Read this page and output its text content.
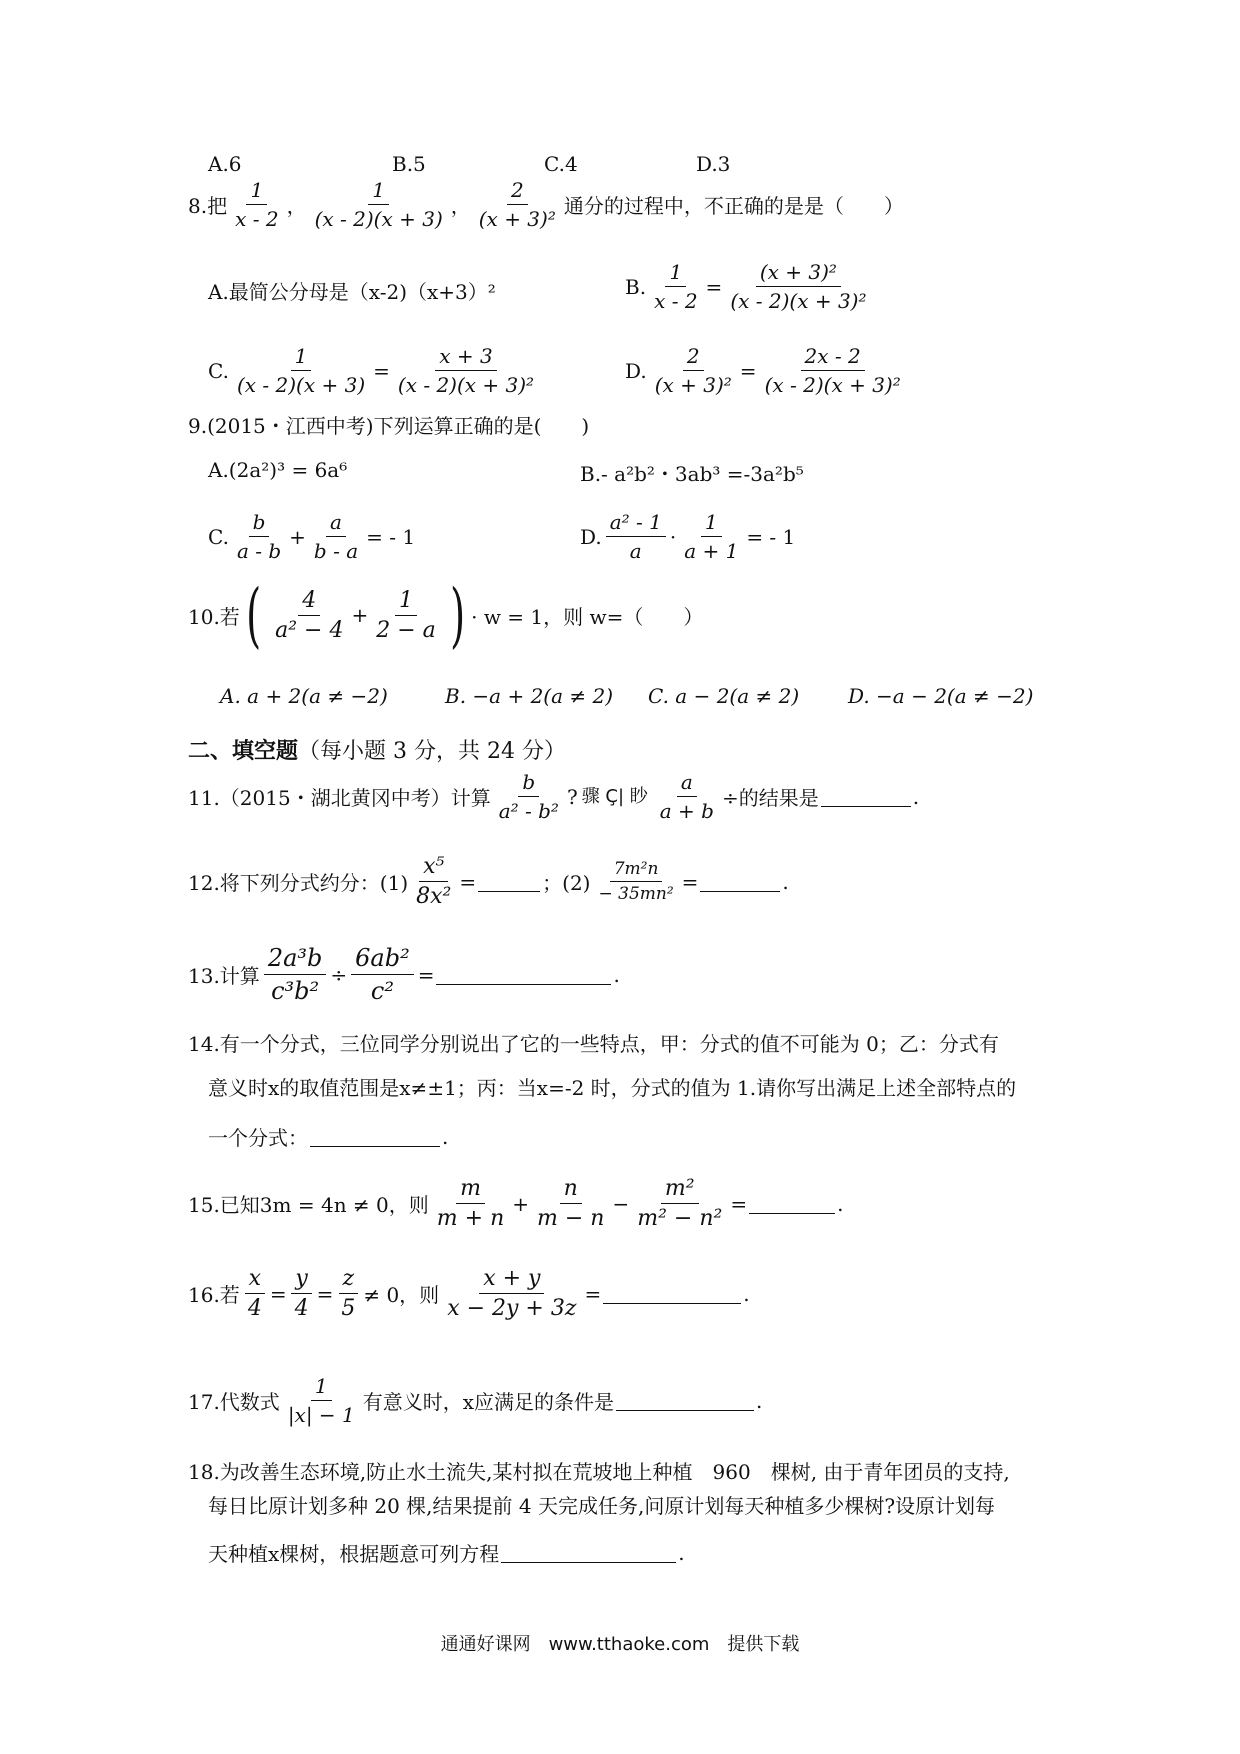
A.6	B.5	C.4	D.3
8.把 $\frac{1}{x - 2}$ ， $\frac{1}{(x - 2)(x + 3)}$ ， $\frac{2}{\text{(x + 3)²}}$ 通分的过程中，不正确的是是（　　）
A.最简公分母是（x-2)（x+3）²	B. $\frac{1}{x - 2} = \frac{\text{(x + 3)²}}{\text{(x - 2)(x + 3)²}}$
C. $\frac{1}{(x - 2)(x + 3)} = \frac{x + 3}{\text{(x - 2)(x + 3)²}}$	D. $\frac{2}{\text{(x + 3)²}} = \frac{2x - 2}{\text{(x - 2)(x + 3)²}}$
9.(2015・江西中考)下列运算正确的是(　　)
A.(2a²)³ = 6a⁶	B.- a²b²・3ab³ =-3a²b⁵
C. $\frac{b}{a - b} + \frac{a}{b - a}$ = - 1	D. $\frac{\text{a² - 1}}{a} \cdot \frac{1}{a + 1}$ = - 1
10.若 ( $\frac{4}{\text{a² − 4}} + \frac{1}{2 - a}$ ) · w = 1，则 w=（　　）
A. a + 2(a ≠ −2)	B. −a + 2(a ≠ 2) C. a − 2(a ≠ 2) D. −a − 2(a ≠ −2)
二、填空题 （每小题 3 分，共 24 分）
11.（2015・湖北黄冈中考）计算 $\frac{b}{\text{a² - b²}}$ ? 骤 Ç| 眇 $\frac{a}{a + b}$ ÷的结果是	.
12.将下列分式约分：$(1) \frac{\text{x⁵}}{\text{8x²}}$ =	；$(2) \frac{\text{7m²n}}{\text{− 35mn²}}$ =	.
13.计算 $\frac{\text{2a³b}}{\text{c³b²}} \div \frac{\text{6ab²}}{\text{c²}}$ =	.
14.有一个分式，三位同学分别说出了它的一些特点，甲：分式的值不可能为 0；乙：分式有
意义时x的取值范围是x≠±1；丙：当x=-2 时，分式的值为 1.请你写出满足上述全部特点的
一个分式：	.
15.已知3m = 4n ≠ 0，则 $\frac{m}{m + n} + \frac{n}{m - n} - \frac{\text{m²}}{\text{m² − n²}}$ =	.
16.若 $\frac{x}{4} = \frac{y}{4} = \frac{z}{5} \ne 0$，则 $\frac{x + y}{x - 2y + 3z}$ =	.
17.代数式 $\frac{1}{|x| - 1}$ 有意义时，x应满足的条件是	.
18.为改善生态环境,防止水土流失,某村拟在荒坡地上种植　960　棵树, 由于青年团员的支持,
每日比原计划多种 20 棵,结果提前 4 天完成任务,问原计划每天种植多少棵树?设原计划每
天种植x棵树，根据题意可列方程	.
通通好课网　www.tthaoke.com　提供下载
